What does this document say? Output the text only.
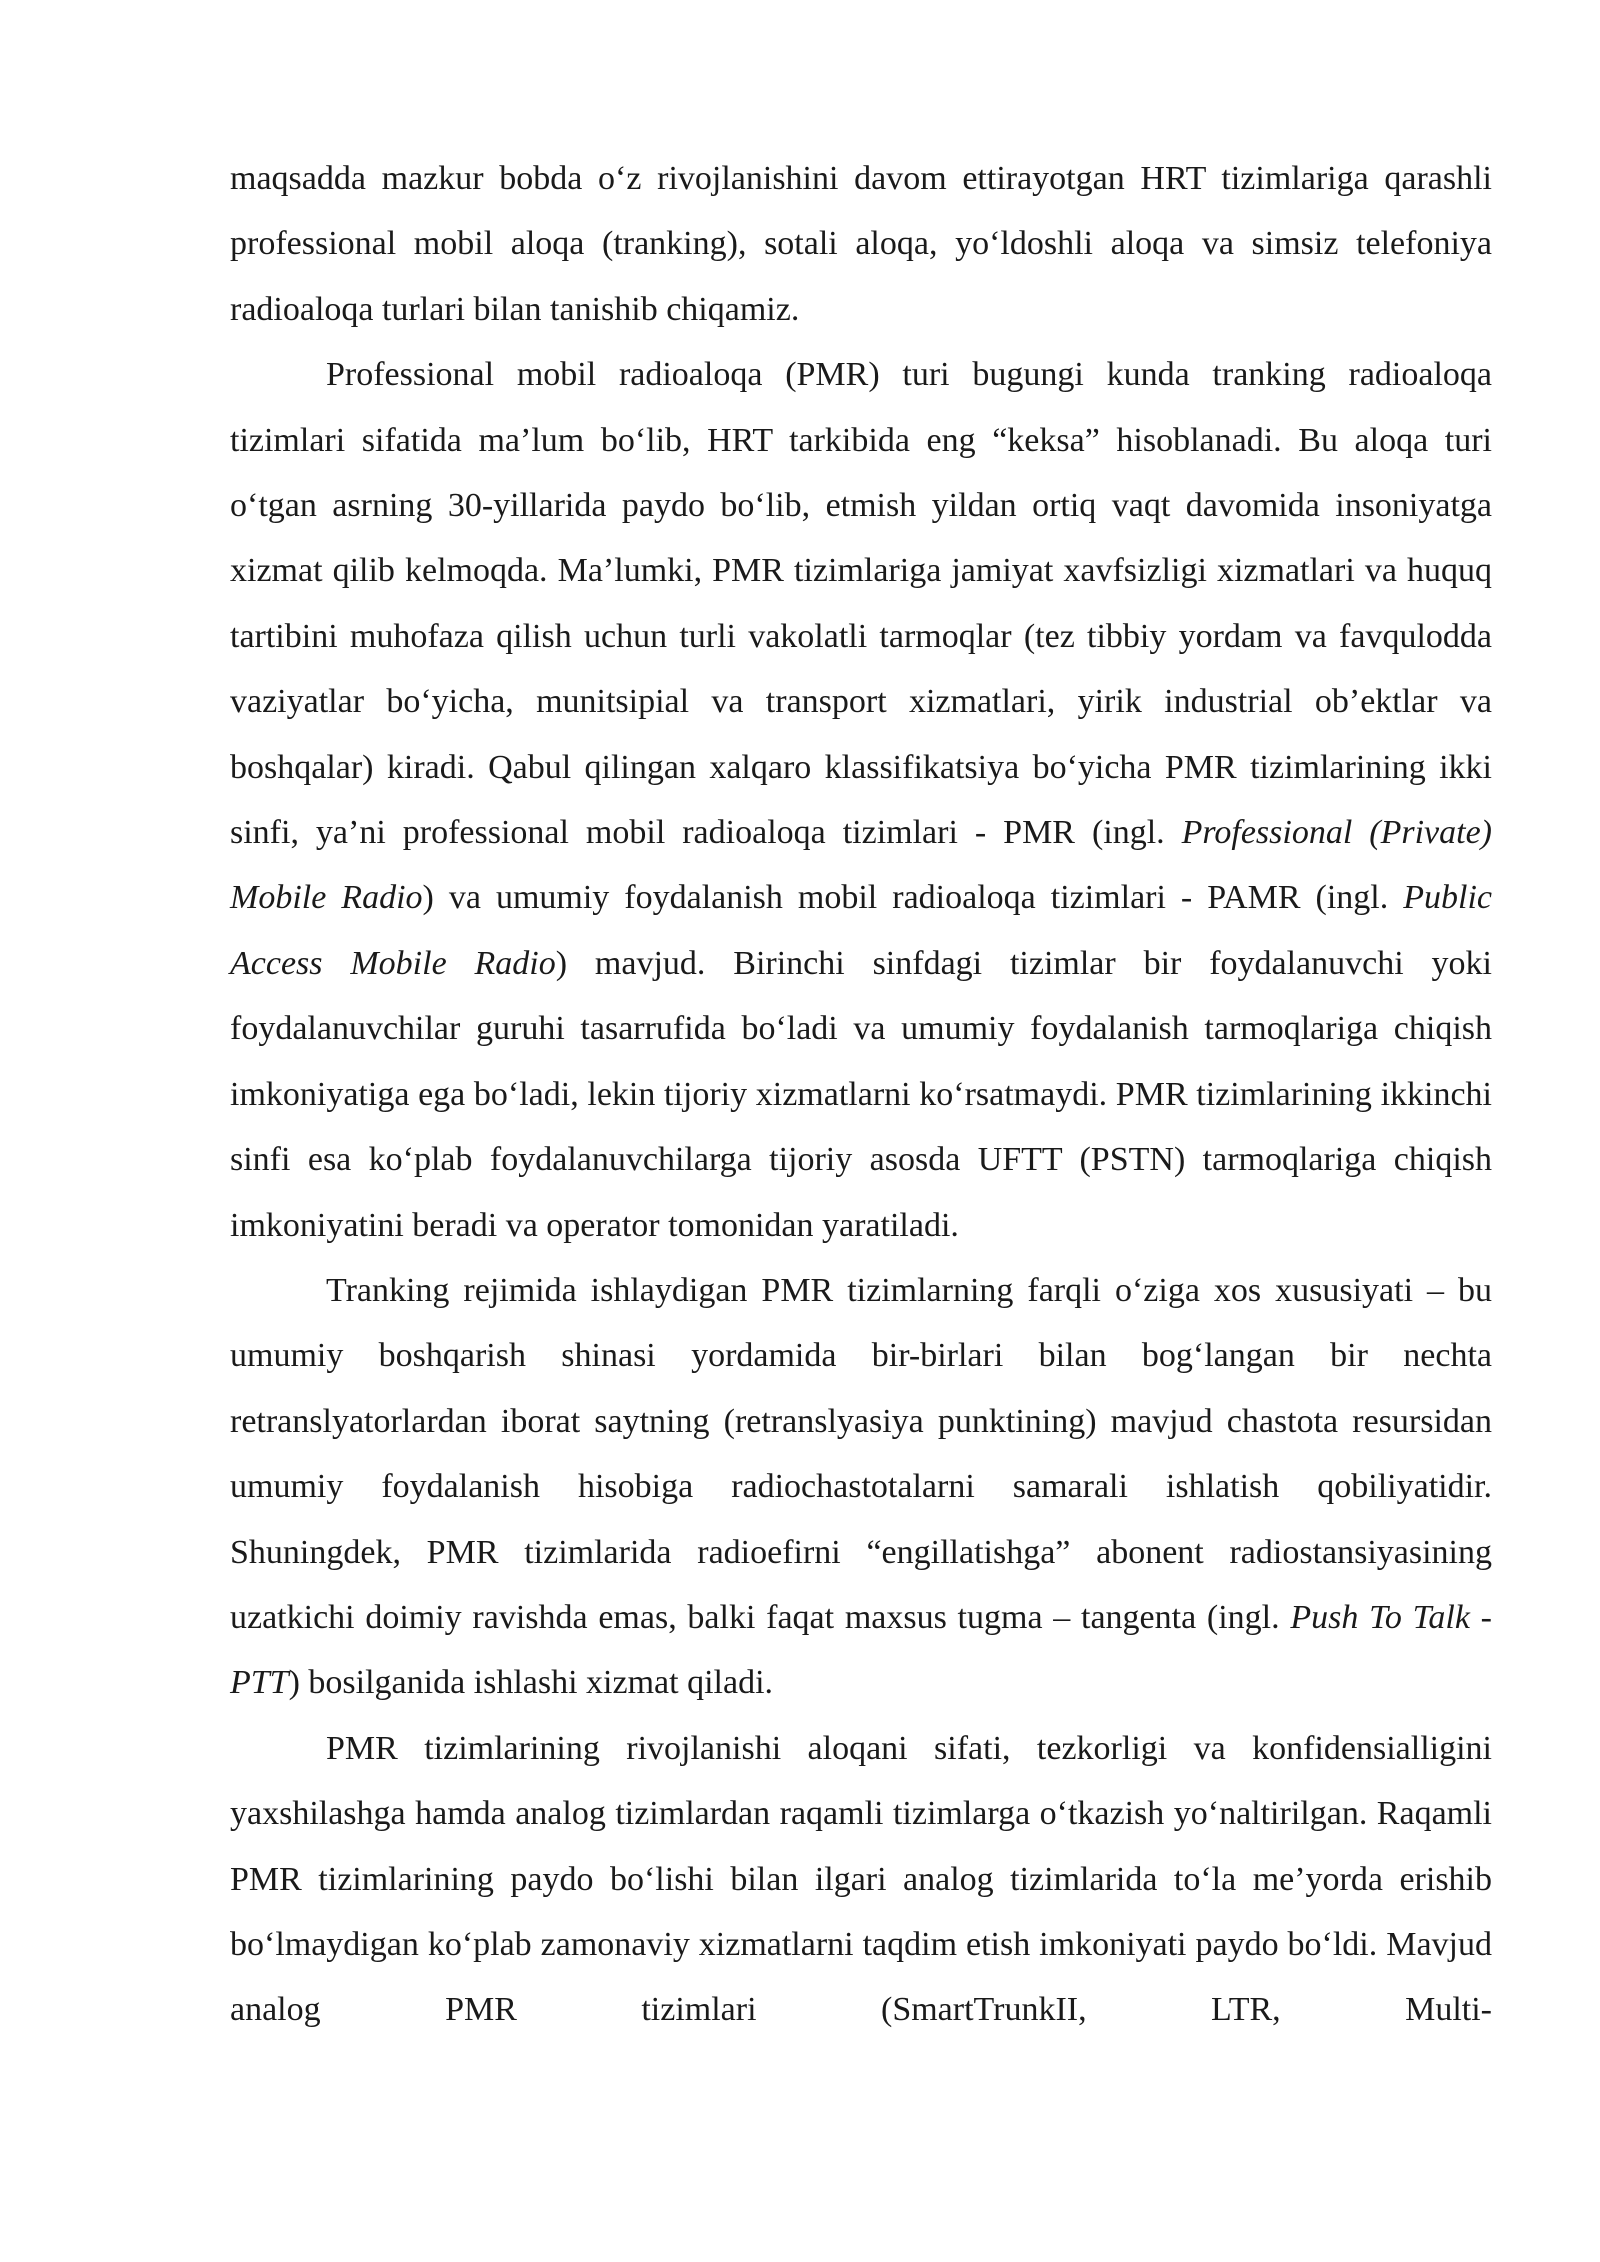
maqsadda mazkur bobda o‘z rivojlanishini davom ettirayotgan HRT tizimlariga qarashli professional mobil aloqa (tranking), sotali aloqa, yo‘ldoshli aloqa va simsiz telefoniya radioaloqa turlari bilan tanishib chiqamiz.

Professional mobil radioaloqa (PMR) turi bugungi kunda tranking radioaloqa tizimlari sifatida ma’lum bo‘lib, HRT tarkibida eng “keksa” hisoblanadi. Bu aloqa turi o‘tgan asrning 30-yillarida paydo bo‘lib, etmish yildan ortiq vaqt davomida insoniyatga xizmat qilib kelmoqda. Ma’lumki, PMR tizimlariga jamiyat xavfsizligi xizmatlari va huquq tartibini muhofaza qilish uchun turli vakolatli tarmoqlar (tez tibbiy yordam va favqulodda vaziyatlar bo‘yicha, munitsipial va transport xizmatlari, yirik industrial ob’ektlar va boshqalar) kiradi. Qabul qilingan xalqaro klassifikatsiya bo‘yicha PMR tizimlarining ikki sinfi, ya’ni professional mobil radioaloqa tizimlari - PMR (ingl. Professional (Private) Mobile Radio) va umumiy foydalanish mobil radioaloqa tizimlari - PAMR (ingl. Public Access Mobile Radio) mavjud. Birinchi sinfdagi tizimlar bir foydalanuvchi yoki foydalanuvchilar guruhi tasarrufida bo‘ladi va umumiy foydalanish tarmoqlariga chiqish imkoniyatiga ega bo‘ladi, lekin tijoriy xizmatlarni ko‘rsatmaydi. PMR tizimlarining ikkinchi sinfi esa ko‘plab foydalanuvchilarga tijoriy asosda UFTT (PSTN) tarmoqlariga chiqish imkoniyatini beradi va operator tomonidan yaratiladi.

Tranking rejimida ishlaydigan PMR tizimlarning farqli o‘ziga xos xususiyati – bu umumiy boshqarish shinasi yordamida bir-birlari bilan bog‘langan bir nechta retranslyatorlardan iborat saytning (retranslyasiya punktining) mavjud chastota resursidan umumiy foydalanish hisobiga radiochastotalarni samarali ishlatish qobiliyatidir. Shuningdek, PMR tizimlarida radioefirni “engillatishga” abonent radiostansiyasining uzatkichi doimiy ravishda emas, balki faqat maxsus tugma – tangenta (ingl. Push To Talk - PTT) bosilganida ishlashi xizmat qiladi.

PMR tizimlarining rivojlanishi aloqani sifati, tezkorligi va konfidensialligini yaxshilashga hamda analog tizimlardan raqamli tizimlarga o‘tkazish yo‘naltirilgan. Raqamli PMR tizimlarining paydo bo‘lishi bilan ilgari analog tizimlarida to‘la me’yorda erishib bo‘lmaydigan ko‘plab zamonaviy xizmatlarni taqdim etish imkoniyati paydo bo‘ldi. Mavjud analog PMR tizimlari (SmartTrunkII, LTR, Multi-
